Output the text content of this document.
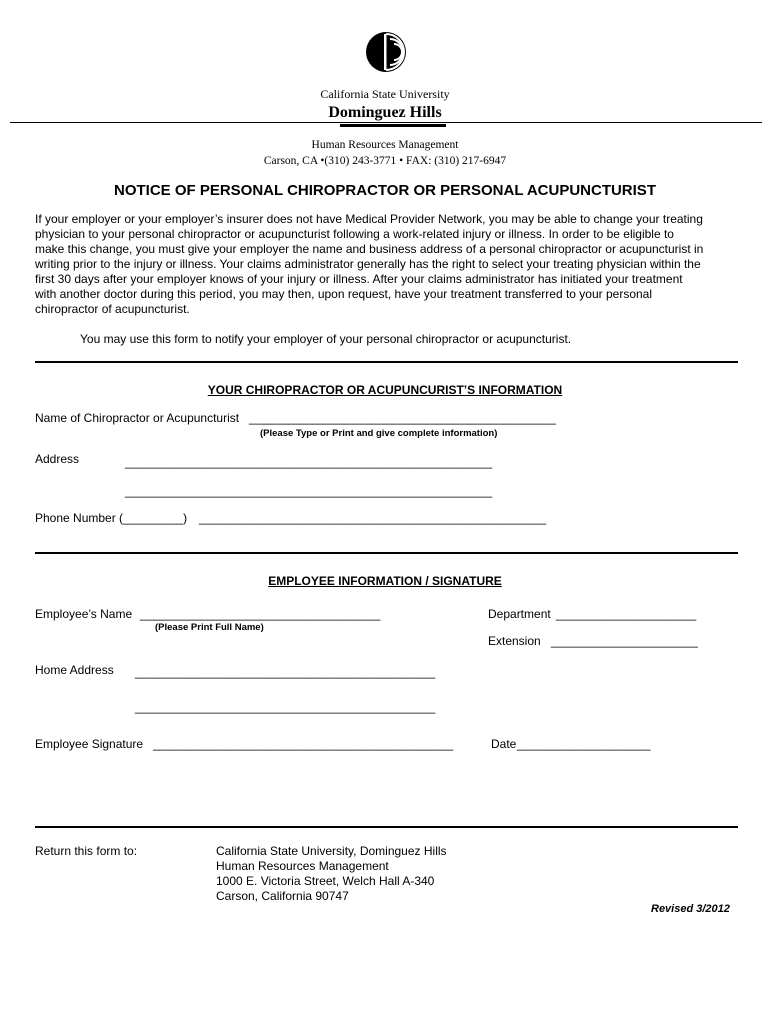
California State University
Dominguez Hills
Human Resources Management
Carson, CA •(310) 243-3771 • FAX: (310) 217-6947
NOTICE OF PERSONAL CHIROPRACTOR OR PERSONAL ACUPUNCTURIST
If your employer or your employer’s insurer does not have Medical Provider Network, you may be able to change your treating
physician to your personal chiropractor or acupuncturist following a work-related injury or illness. In order to be eligible to
make this change, you must give your employer the name and business address of a personal chiropractor or acupuncturist in
writing prior to the injury or illness. Your claims administrator generally has the right to select your treating physician within the
first 30 days after your employer knows of your injury or illness. After your claims administrator has initiated your treatment
with another doctor during this period, you may then, upon request, have your treatment transferred to your personal
chiropractor of acupuncturist.
You may use this form to notify your employer of your personal chiropractor or acupuncturist.
YOUR CHIROPRACTOR OR ACUPUNCURIST’S INFORMATION
Name of Chiropractor or Acupuncturist ______________________________________________
(Please Type or Print and give complete information)
Address	_______________________________________________________
_______________________________________________________
Phone Number (_________) ____________________________________________________
EMPLOYEE INFORMATION / SIGNATURE
Employee’s Name ____________________________________
(Please Print Full Name)
Department _____________________
Extension ______________________
Home Address _____________________________________________
_____________________________________________
Employee Signature _____________________________________________	Date ____________________
Return this form to:	California State University, Dominguez Hills
Human Resources Management
1000 E. Victoria Street, Welch Hall A-340
Carson, California 90747
Revised 3/2012
